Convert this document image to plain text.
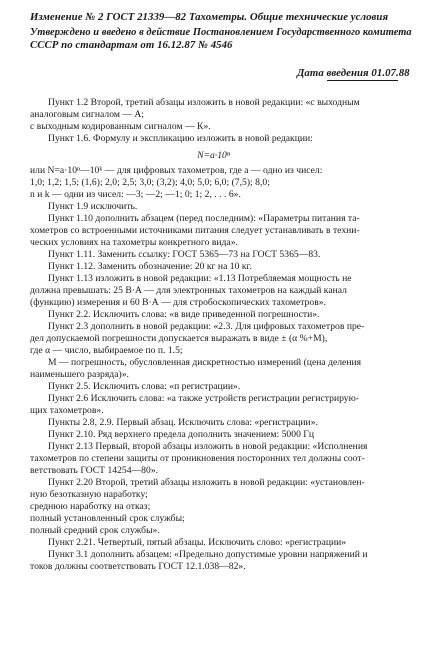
Изменение № 2 ГОСТ 21339—82 Тахометры. Общие технические условия
Утверждено и введено в действие Постановлением Государственного комитета
СССР по стандартам от 16.12.87 № 4546
Дата введения 01.07.88
Пункт 1.2 Второй, третий абзацы изложить в новой редакции: «с выходным
аналоговым сигналом — А;
с выходным кодированным сигналом — К».
Пункт 1.6. Формулу и экспликацию изложить в новой редакции:
N=a·10ⁿ
или N=a·10ⁿ—10ᵏ — для цифровых тахометров, где a — одно из чисел:
1,0; 1,2; 1,5; (1,6); 2,0; 2,5; 3,0; (3,2); 4,0; 5,0; 6,0; (7,5); 8,0;
n и k — одни из чисел: —3; —2; —1; 0; 1; 2, . . . 6».
Пункт 1.9 исключить.
Пункт 1.10 дополнить абзацем (перед последним): «Параметры питания та-
хометров со встроенными источниками питания следует устанавливать в техни-
ческих условиях на тахометры конкретного вида».
Пункт 1.11. Заменить ссылку: ГОСТ 5365—73 на ГОСТ 5365—83.
Пункт 1.12. Заменить обозначение: 20 кг на 10 кг.
Пункт 1.13 изложить в новой редакции: «1.13 Потребляемая мощность не
должна превышать: 25 В·А — для электронных тахометров на каждый канал
(функцию) измерения и 60 В·А — для стробоскопических тахометров».
Пункт 2.2. Исключить слова: «в виде приведенной погрешности».
Пункт 2.3 дополнить в новой редакции: «2.3. Для цифровых тахометров пре-
дел допускаемой погрешности допускается выражать в виде ± (α %+M),
где α — число, выбираемое по п. 1.5;
M — погрешность, обусловленная дискретностью измерений (цена деления
наименьшего разряда)».
Пункт 2.5. Исключить слова: «п регистрации».
Пункт 2.6 Исключить слова: «а также устройств регистрации регистрирую-
щих тахометров».
Пункты 2.8, 2.9. Первый абзац. Исключить слова: «регистрации».
Пункт 2.10. Ряд верхнего предела дополнить значением: 5000 Гц
Пункт 2.13 Первый, второй абзацы изложить в новой редакции: «Исполнения
тахометров по степени защиты от проникновения посторонних тел должны соот-
ветствовать ГОСТ 14254—80».
Пункт 2.20 Второй, третий абзацы изложить в новой редакции: «установлен-
ную безотказную наработку;
среднюю наработку на отказ;
полный установленный срок службы;
полный средний срок службы».
Пункт 2.21. Четвертый, пятый абзацы. Исключить слово: «регистрации»
Пункт 3.1 дополнить абзацем: «Предельно допустимые уровни напряжений и
токов должны соответствовать ГОСТ 12.1.038—82».
